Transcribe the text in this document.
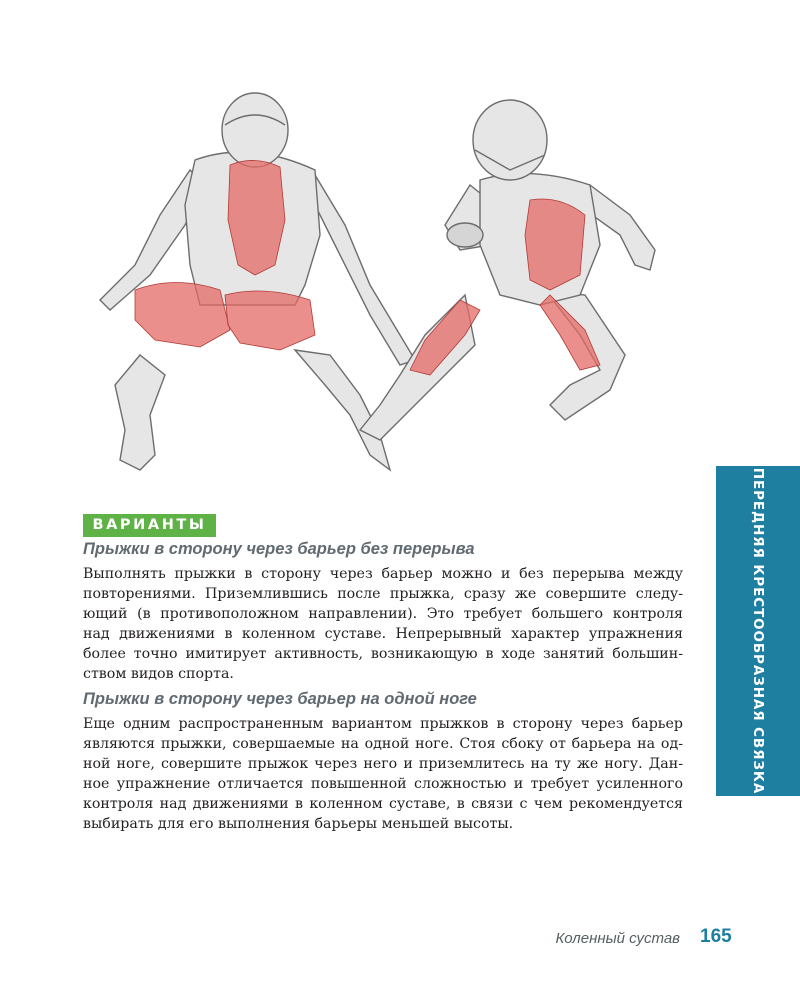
ПЕРЕДНЯЯ КРЕСТООБРАЗНАЯ СВЯЗКА
ВАРИАНТЫ
Прыжки в сторону через барьер без перерыва
Выполнять прыжки в сторону через барьер можно и без перерыва между
повторениями. Приземлившись после прыжка, сразу же совершите следу-
ющий (в противоположном направлении). Это требует большего контроля
над движениями в коленном суставе. Непрерывный характер упражнения
более точно имитирует активность, возникающую в ходе занятий большин-
ством видов спорта.
Прыжки в сторону через барьер на одной ноге
Еще одним распространенным вариантом прыжков в сторону через барьер
являются прыжки, совершаемые на одной ноге. Стоя сбоку от барьера на од-
ной ноге, совершите прыжок через него и приземлитесь на ту же ногу. Дан-
ное упражнение отличается повышенной сложностью и требует усиленного
контроля над движениями в коленном суставе, в связи с чем рекомендуется
выбирать для его выполнения барьеры меньшей высоты.
Коленный сустав 165
